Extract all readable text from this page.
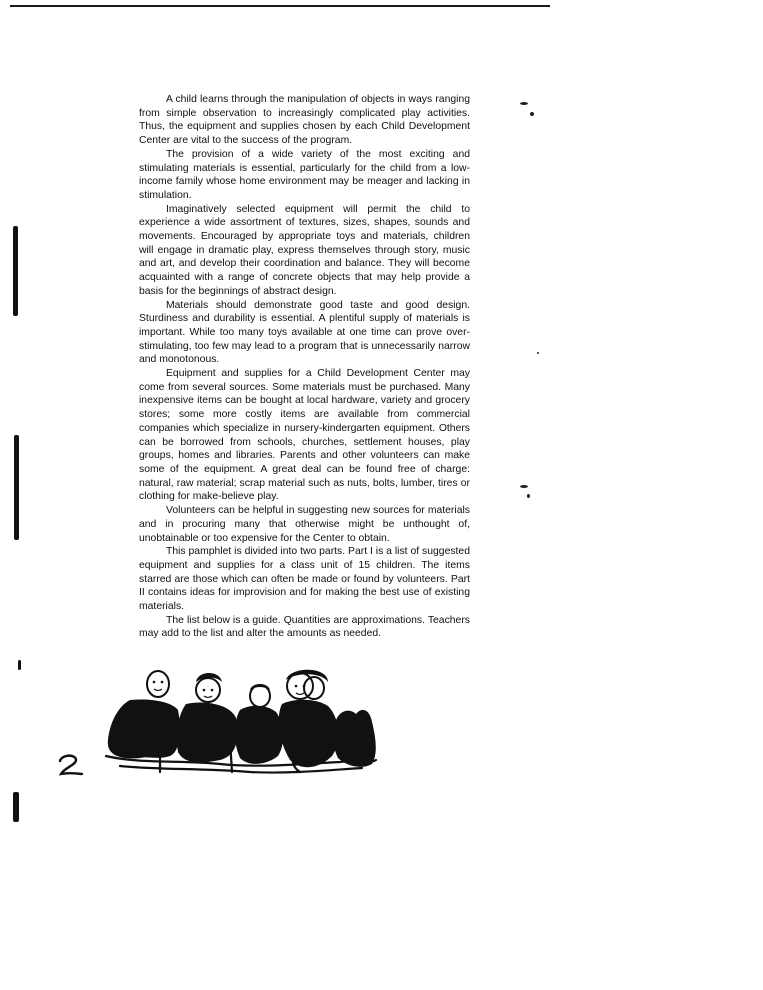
A child learns through the manipulation of objects in ways ranging from simple observation to increasingly complicated play activities. Thus, the equipment and supplies chosen by each Child Development Center are vital to the success of the program.

The provision of a wide variety of the most exciting and stimulating materials is essential, particularly for the child from a low-income family whose home environment may be meager and lacking in stimulation.

Imaginatively selected equipment will permit the child to experience a wide assortment of textures, sizes, shapes, sounds and movements. Encouraged by appropriate toys and materials, children will engage in dramatic play, express themselves through story, music and art, and develop their coordination and balance. They will become acquainted with a range of concrete objects that may help provide a basis for the beginnings of abstract design.

Materials should demonstrate good taste and good design. Sturdiness and durability is essential. A plentiful supply of materials is important. While too many toys available at one time can prove over-stimulating, too few may lead to a program that is unnecessarily narrow and monotonous.

Equipment and supplies for a Child Development Center may come from several sources. Some materials must be purchased. Many inexpensive items can be bought at local hardware, variety and grocery stores; some more costly items are available from commercial companies which specialize in nursery-kindergarten equipment. Others can be borrowed from schools, churches, settlement houses, play groups, homes and libraries. Parents and other volunteers can make some of the equipment. A great deal can be found free of charge: natural, raw material; scrap material such as nuts, bolts, lumber, tires or clothing for make-believe play.

Volunteers can be helpful in suggesting new sources for materials and in procuring many that otherwise might be unthought of, unobtainable or too expensive for the Center to obtain.

This pamphlet is divided into two parts. Part I is a list of suggested equipment and supplies for a class unit of 15 children. The items starred are those which can often be made or found by volunteers. Part II contains ideas for improvision and for making the best use of existing materials.

The list below is a guide. Quantities are approximations. Teachers may add to the list and alter the amounts as needed.
